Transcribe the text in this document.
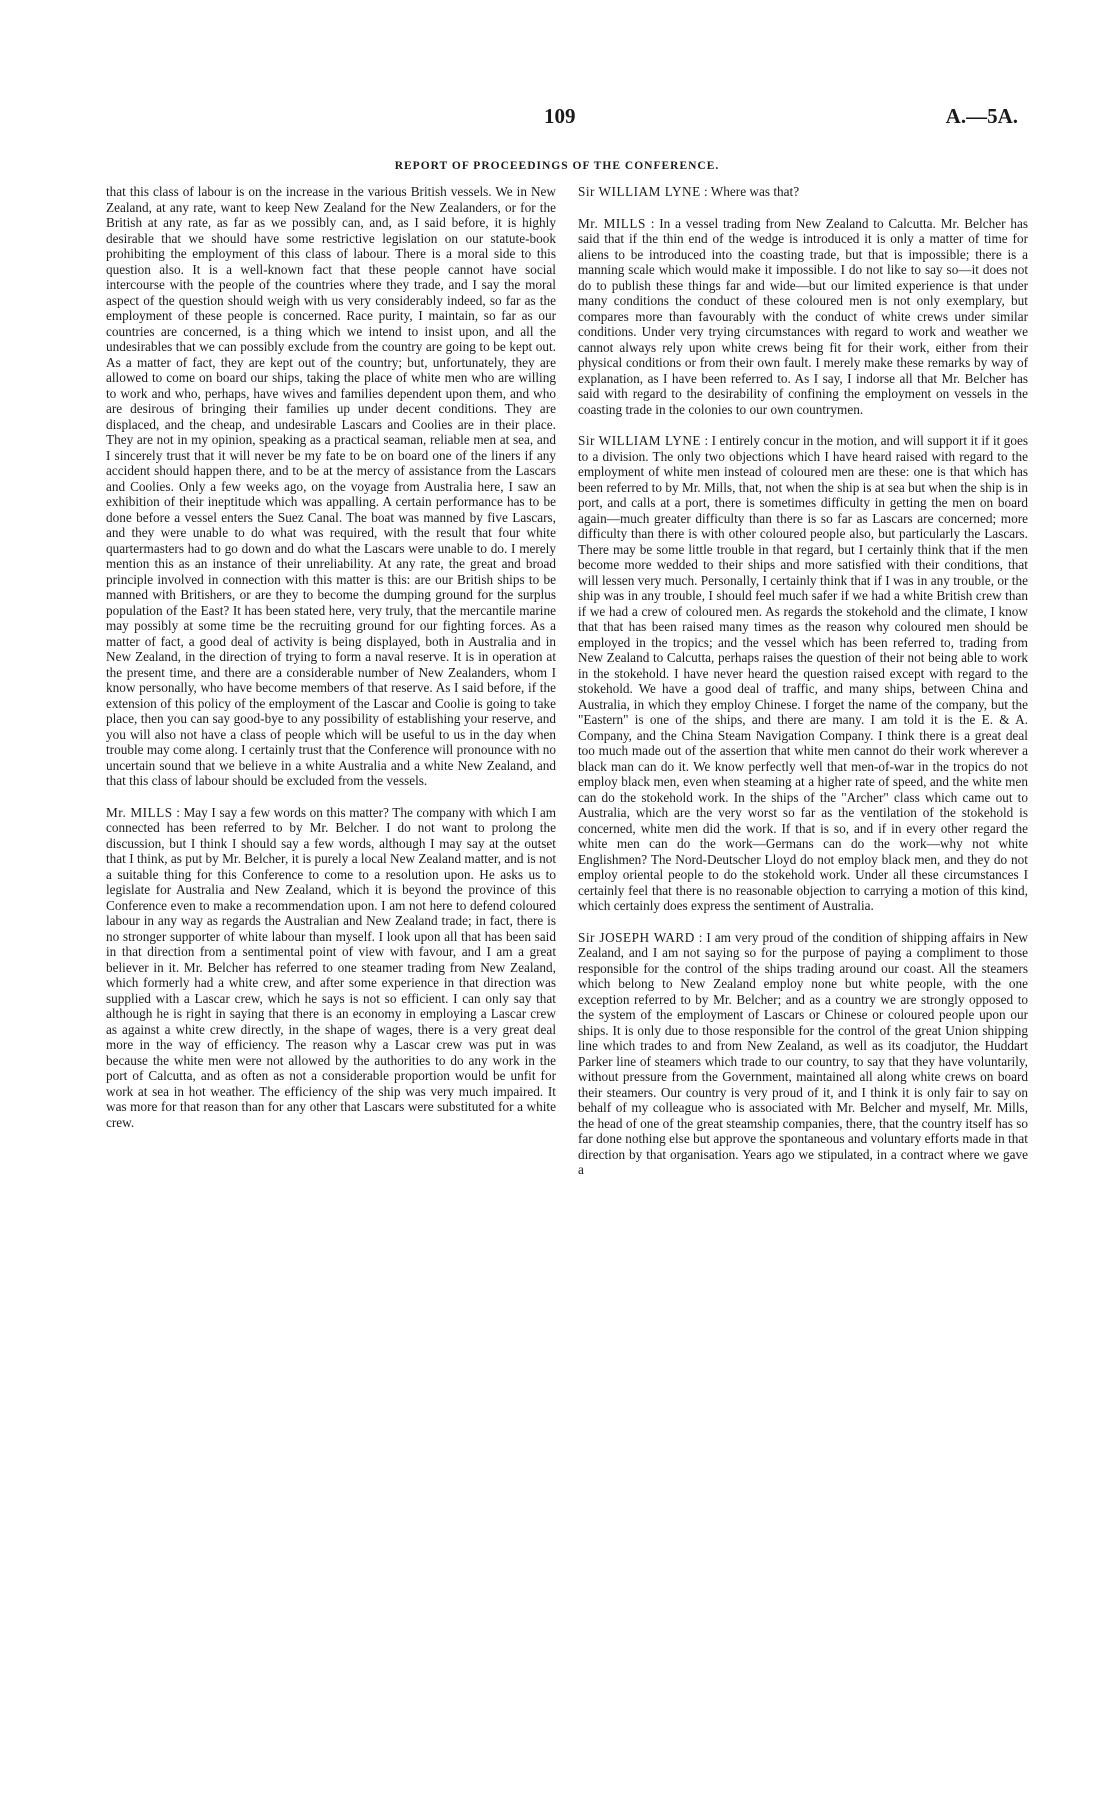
109	A.—5A.
REPORT OF PROCEEDINGS OF THE CONFERENCE.

that this class of labour is on the increase in the various British vessels. We in New Zealand, at any rate, want to keep New Zealand for the New Zealanders, or for the British at any rate, as far as we possibly can, and, as I said before, it is highly desirable that we should have some restrictive legislation on our statute-book prohibiting the employment of this class of labour. There is a moral side to this question also. It is a well-known fact that these people cannot have social intercourse with the people of the countries where they trade, and I say the moral aspect of the question should weigh with us very considerably indeed, so far as the employment of these people is concerned. Race purity, I maintain, so far as our countries are concerned, is a thing which we intend to insist upon, and all the undesirables that we can possibly exclude from the country are going to be kept out. As a matter of fact, they are kept out of the country; but, unfortunately, they are allowed to come on board our ships, taking the place of white men who are willing to work and who, perhaps, have wives and families dependent upon them, and who are desirous of bringing their families up under decent conditions. They are displaced, and the cheap, and undesirable Lascars and Coolies are in their place. They are not in my opinion, speaking as a practical seaman, reliable men at sea, and I sincerely trust that it will never be my fate to be on board one of the liners if any accident should happen there, and to be at the mercy of assistance from the Lascars and Coolies. Only a few weeks ago, on the voyage from Australia here, I saw an exhibition of their ineptitude which was appalling. A certain performance has to be done before a vessel enters the Suez Canal. The boat was manned by five Lascars, and they were unable to do what was required, with the result that four white quartermasters had to go down and do what the Lascars were unable to do. I merely mention this as an instance of their unreliability. At any rate, the great and broad principle involved in connection with this matter is this: are our British ships to be manned with Britishers, or are they to become the dumping ground for the surplus population of the East? It has been stated here, very truly, that the mercantile marine may possibly at some time be the recruiting ground for our fighting forces. As a matter of fact, a good deal of activity is being displayed, both in Australia and in New Zealand, in the direction of trying to form a naval reserve. It is in operation at the present time, and there are a considerable number of New Zealanders, whom I know personally, who have become members of that reserve. As I said before, if the extension of this policy of the employment of the Lascar and Coolie is going to take place, then you can say good-bye to any possibility of establishing your reserve, and you will also not have a class of people which will be useful to us in the day when trouble may come along. I certainly trust that the Conference will pronounce with no uncertain sound that we believe in a white Australia and a white New Zealand, and that this class of labour should be excluded from the vessels.

Mr. MILLS : May I say a few words on this matter? The company with which I am connected has been referred to by Mr. Belcher. I do not want to prolong the discussion, but I think I should say a few words, although I may say at the outset that I think, as put by Mr. Belcher, it is purely a local New Zealand matter, and is not a suitable thing for this Conference to come to a resolution upon. He asks us to legislate for Australia and New Zealand, which it is beyond the province of this Conference even to make a recommendation upon. I am not here to defend coloured labour in any way as regards the Australian and New Zealand trade; in fact, there is no stronger supporter of white labour than myself. I look upon all that has been said in that direction from a sentimental point of view with favour, and I am a great believer in it. Mr. Belcher has referred to one steamer trading from New Zealand, which formerly had a white crew, and after some experience in that direction was supplied with a Lascar crew, which he says is not so efficient. I can only say that although he is right in saying that there is an economy in employing a Lascar crew as against a white crew directly, in the shape of wages, there is a very great deal more in the way of efficiency. The reason why a Lascar crew was put in was because the white men were not allowed by the authorities to do any work in the port of Calcutta, and as often as not a considerable proportion would be unfit for work at sea in hot weather. The efficiency of the ship was very much impaired. It was more for that reason than for any other that Lascars were substituted for a white crew.

Sir WILLIAM LYNE : Where was that?

Mr. MILLS : In a vessel trading from New Zealand to Calcutta. Mr. Belcher has said that if the thin end of the wedge is introduced it is only a matter of time for aliens to be introduced into the coasting trade, but that is impossible; there is a manning scale which would make it impossible. I do not like to say so—it does not do to publish these things far and wide—but our limited experience is that under many conditions the conduct of these coloured men is not only exemplary, but compares more than favourably with the conduct of white crews under similar conditions. Under very trying circumstances with regard to work and weather we cannot always rely upon white crews being fit for their work, either from their physical conditions or from their own fault. I merely make these remarks by way of explanation, as I have been referred to. As I say, I indorse all that Mr. Belcher has said with regard to the desirability of confining the employment on vessels in the coasting trade in the colonies to our own countrymen.

Sir WILLIAM LYNE : I entirely concur in the motion, and will support it if it goes to a division. The only two objections which I have heard raised with regard to the employment of white men instead of coloured men are these: one is that which has been referred to by Mr. Mills, that, not when the ship is at sea but when the ship is in port, and calls at a port, there is sometimes difficulty in getting the men on board again—much greater difficulty than there is so far as Lascars are concerned; more difficulty than there is with other coloured people also, but particularly the Lascars. There may be some little trouble in that regard, but I certainly think that if the men become more wedded to their ships and more satisfied with their conditions, that will lessen very much. Personally, I certainly think that if I was in any trouble, or the ship was in any trouble, I should feel much safer if we had a white British crew than if we had a crew of coloured men. As regards the stokehold and the climate, I know that that has been raised many times as the reason why coloured men should be employed in the tropics; and the vessel which has been referred to, trading from New Zealand to Calcutta, perhaps raises the question of their not being able to work in the stokehold. I have never heard the question raised except with regard to the stokehold. We have a good deal of traffic, and many ships, between China and Australia, in which they employ Chinese. I forget the name of the company, but the "Eastern" is one of the ships, and there are many. I am told it is the E. & A. Company, and the China Steam Navigation Company. I think there is a great deal too much made out of the assertion that white men cannot do their work wherever a black man can do it. We know perfectly well that men-of-war in the tropics do not employ black men, even when steaming at a higher rate of speed, and the white men can do the stokehold work. In the ships of the "Archer" class which came out to Australia, which are the very worst so far as the ventilation of the stokehold is concerned, white men did the work. If that is so, and if in every other regard the white men can do the work—Germans can do the work—why not white Englishmen? The Nord-Deutscher Lloyd do not employ black men, and they do not employ oriental people to do the stokehold work. Under all these circumstances I certainly feel that there is no reasonable objection to carrying a motion of this kind, which certainly does express the sentiment of Australia.

Sir JOSEPH WARD : I am very proud of the condition of shipping affairs in New Zealand, and I am not saying so for the purpose of paying a compliment to those responsible for the control of the ships trading around our coast. All the steamers which belong to New Zealand employ none but white people, with the one exception referred to by Mr. Belcher; and as a country we are strongly opposed to the system of the employment of Lascars or Chinese or coloured people upon our ships. It is only due to those responsible for the control of the great Union shipping line which trades to and from New Zealand, as well as its coadjutor, the Huddart Parker line of steamers which trade to our country, to say that they have voluntarily, without pressure from the Government, maintained all along white crews on board their steamers. Our country is very proud of it, and I think it is only fair to say on behalf of my colleague who is associated with Mr. Belcher and myself, Mr. Mills, the head of one of the great steamship companies, there, that the country itself has so far done nothing else but approve the spontaneous and voluntary efforts made in that direction by that organisation. Years ago we stipulated, in a contract where we gave a
